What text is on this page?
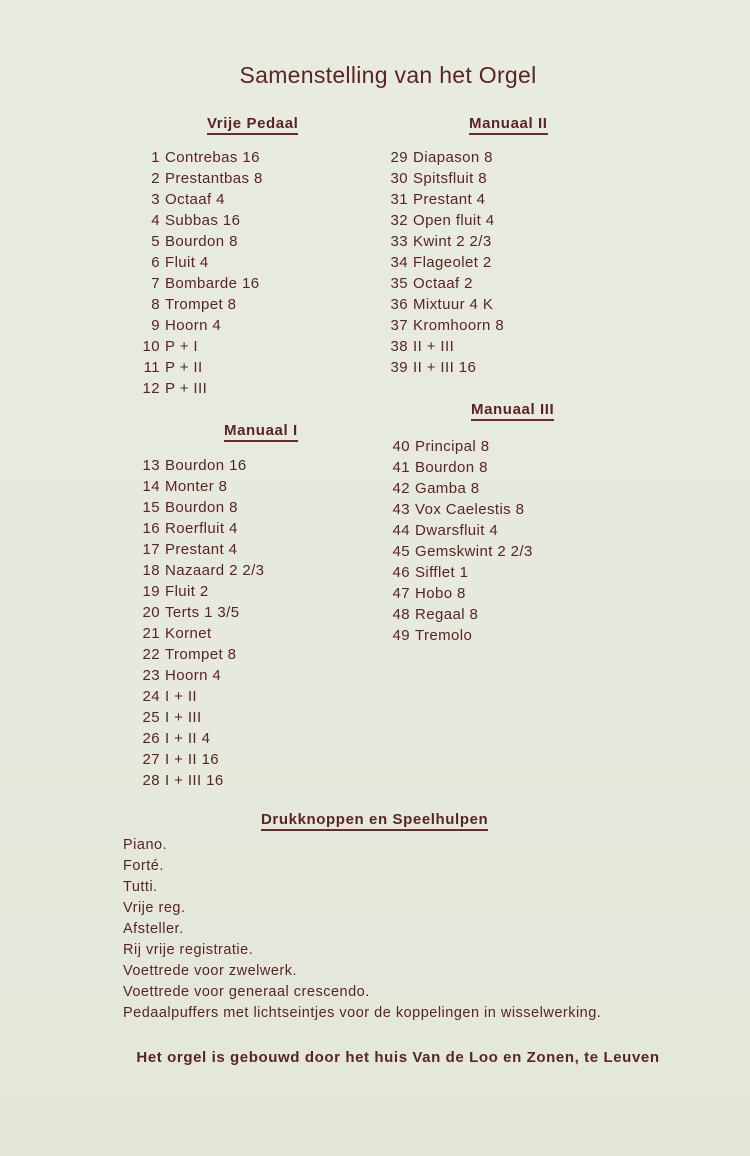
Samenstelling van het Orgel
Vrije Pedaal
1 Contrebas 16
2 Prestantbas 8
3 Octaaf 4
4 Subbas 16
5 Bourdon 8
6 Fluit 4
7 Bombarde 16
8 Trompet 8
9 Hoorn 4
10 P + I
11 P + II
12 P + III
Manuaal I
13 Bourdon 16
14 Monter 8
15 Bourdon 8
16 Roerfluit 4
17 Prestant 4
18 Nazaard 2 2/3
19 Fluit 2
20 Terts 1 3/5
21 Kornet
22 Trompet 8
23 Hoorn 4
24 I + II
25 I + III
26 I + II 4
27 I + II 16
28 I + III 16
Manuaal II
29 Diapason 8
30 Spitsfluit 8
31 Prestant 4
32 Open fluit 4
33 Kwint 2 2/3
34 Flageolet 2
35 Octaaf 2
36 Mixtuur 4 K
37 Kromhoorn 8
38 II + III
39 II + III 16
Manuaal III
40 Principal 8
41 Bourdon 8
42 Gamba 8
43 Vox Caelestis 8
44 Dwarsfluit 4
45 Gemskwint 2 2/3
46 Sifflet 1
47 Hobo 8
48 Regaal 8
49 Tremolo
Drukknoppen en Speelhulpen
Piano.
Forté.
Tutti.
Vrije reg.
Afsteller.
Rij vrije registratie.
Voettrede voor zwelwerk.
Voettrede voor generaal crescendo.
Pedaalpuffers met lichtseintjes voor de koppelingen in wisselwerking.
Het orgel is gebouwd door het huis Van de Loo en Zonen, te Leuven
